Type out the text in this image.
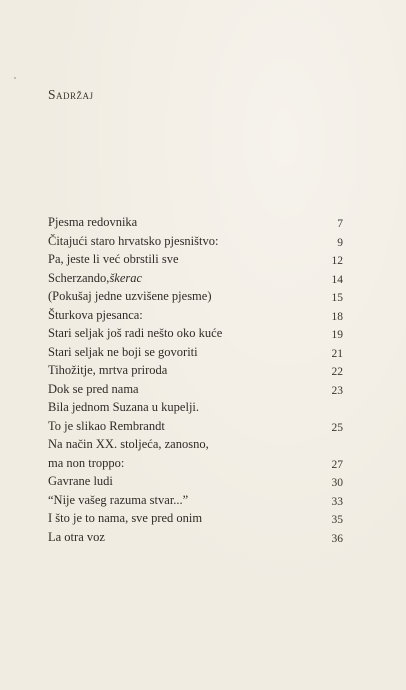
Sadržaj
Pjesma redovnika	7
Čitajući staro hrvatsko pjesništvo:	9
Pa, jeste li već obrstili sve	12
Scherzando,škerac	14
(Pokušaj jedne uzvišene pjesme)	15
Šturkova pjesanca:	18
Stari seljak još radi nešto oko kuće	19
Stari seljak ne boji se govoriti	21
Tihožitje, mrtva priroda	22
Dok se pred nama	23
Bila jednom Suzana u kupelji.
To je slikao Rembrandt	25
Na način XX. stoljeća, zanosno,
ma non troppo:	27
Gavrane ludi	30
“Nije vašeg razuma stvar...”	33
I što je to nama, sve pred onim	35
La otra voz	36
